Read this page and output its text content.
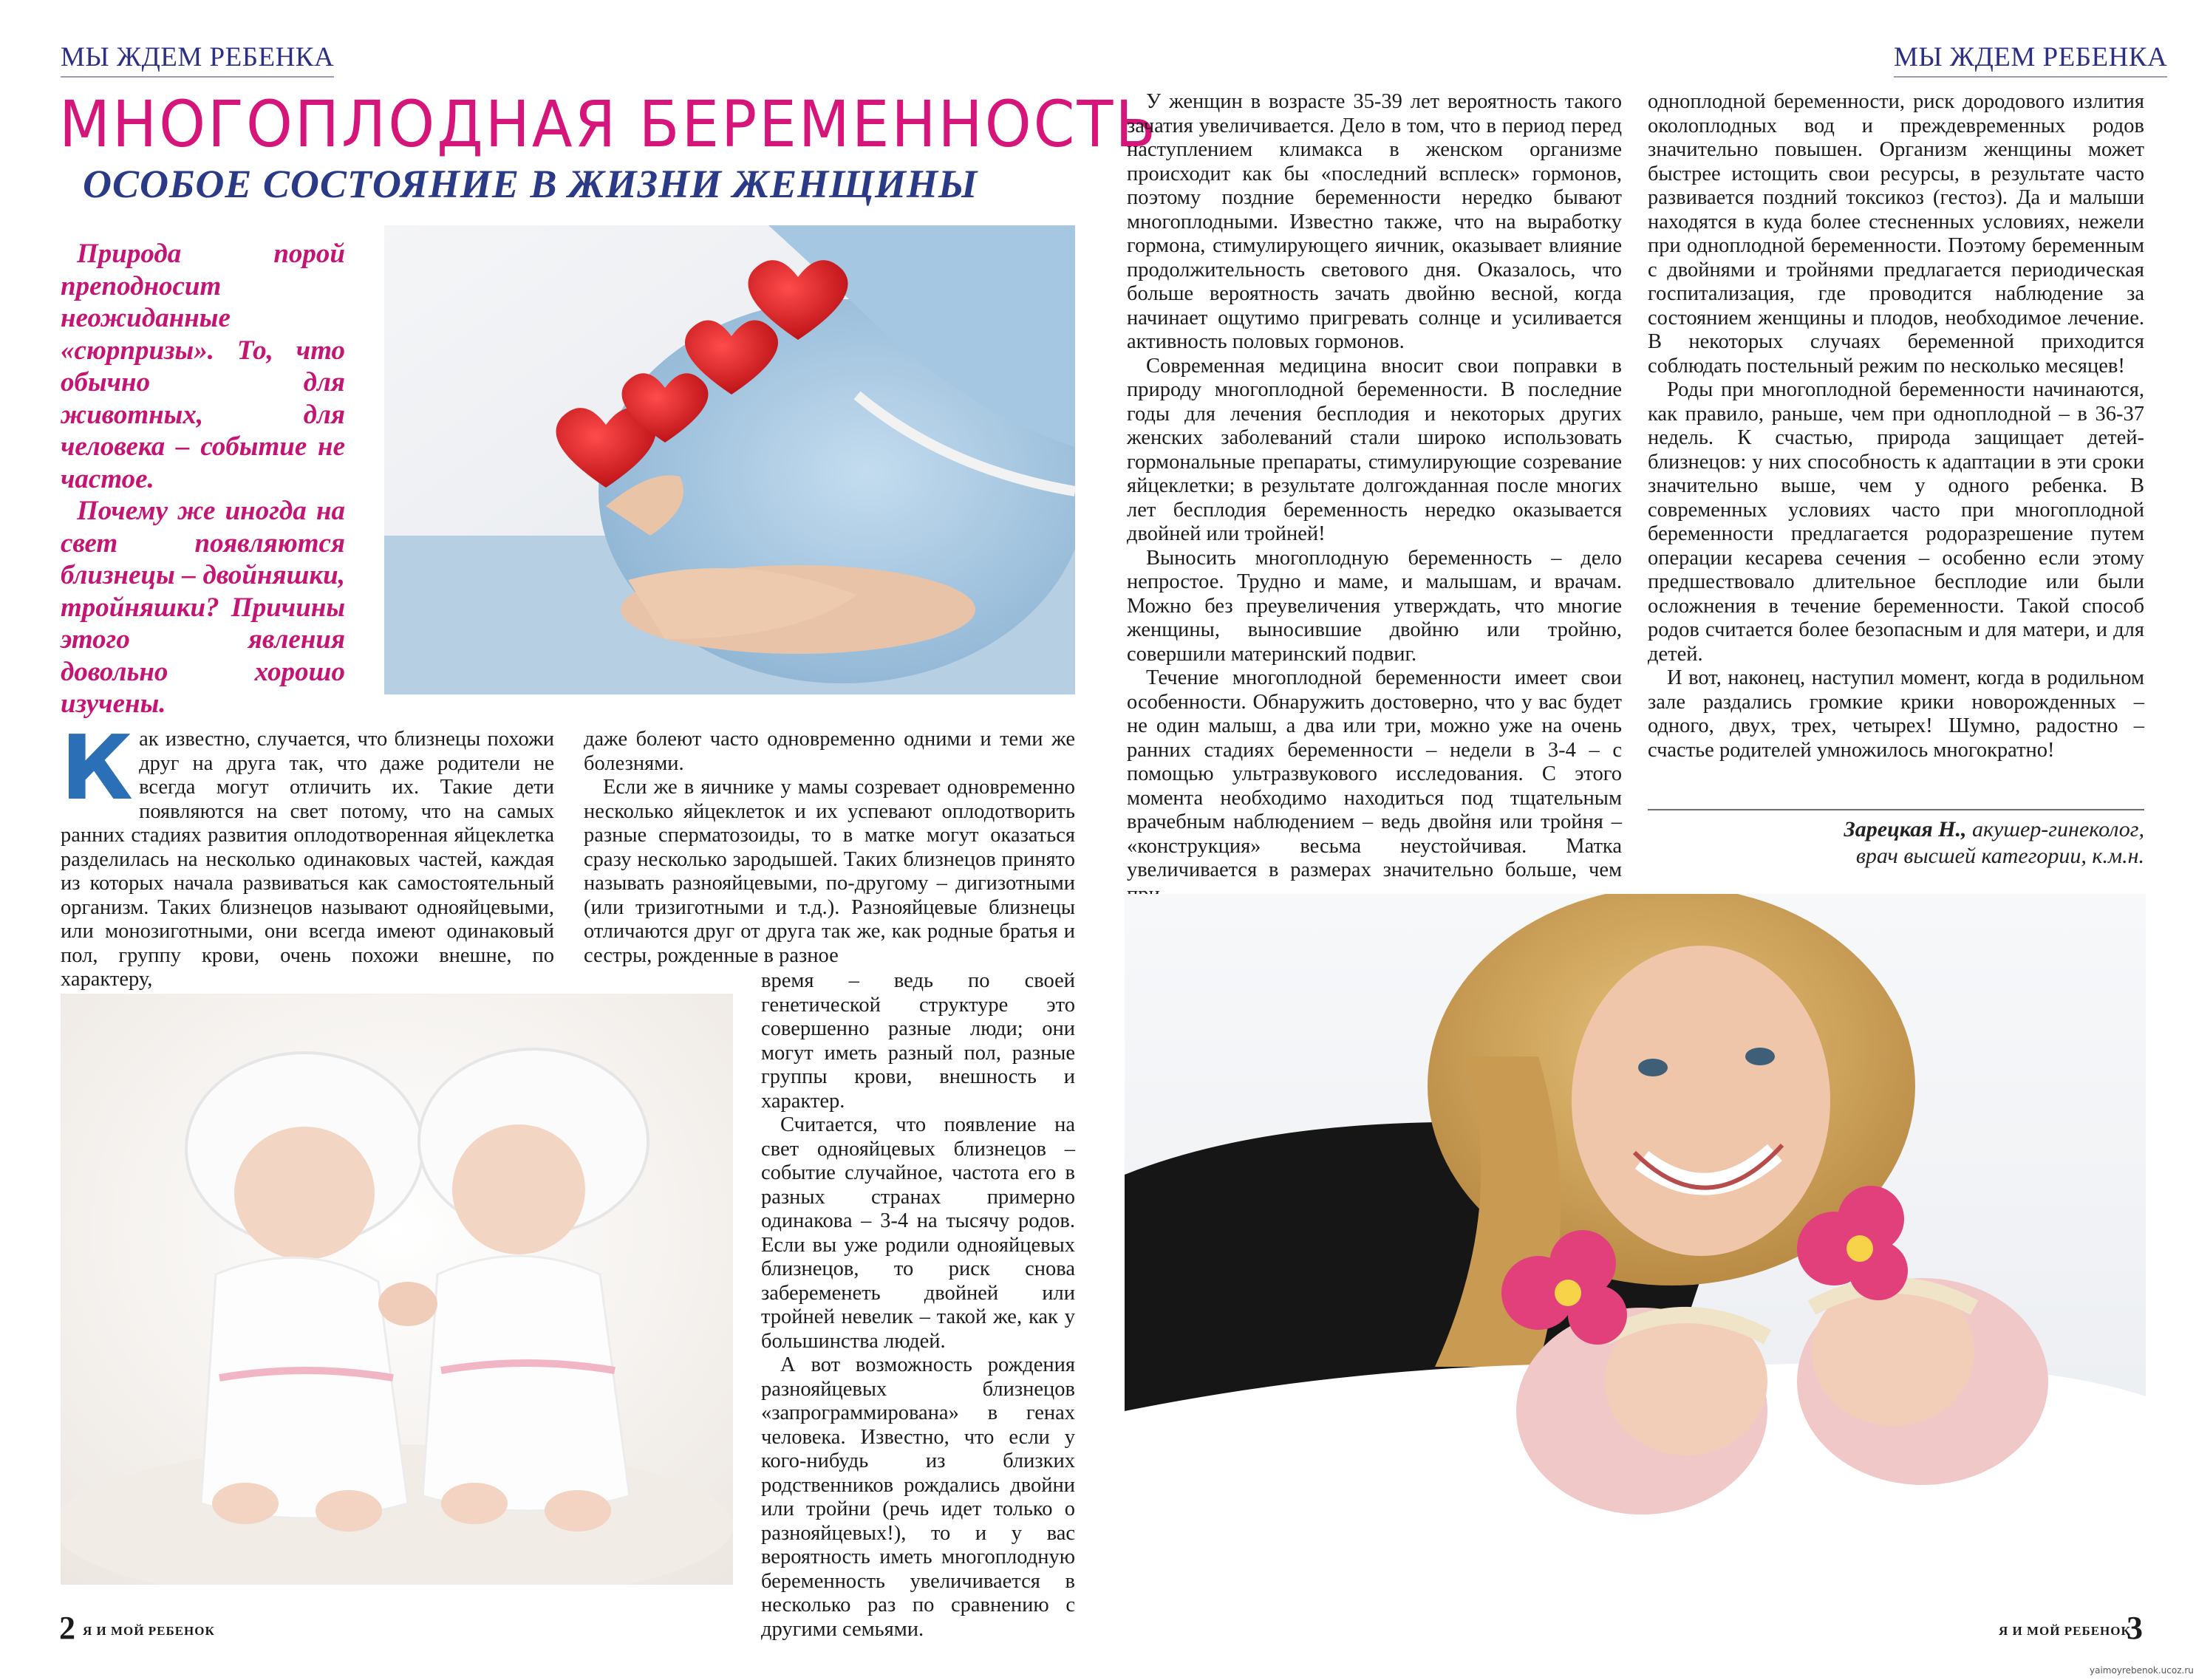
МЫ ЖДЕМ РЕБЕНКА
МНОГОПЛОДНАЯ БЕРЕМЕННОСТЬ
ОСОБОЕ СОСТОЯНИЕ В ЖИЗНИ ЖЕНЩИНЫ

Природа порой преподносит неожиданные «сюрпризы». То, что обычно для животных, для человека – событие не частое.

Почему же иногда на свет появляются близнецы – двойняшки, тройняшки? Причины этого явления довольно хорошо изучены.

К ак известно, случается, что близнецы похожи друг на друга так, что даже родители не всегда могут отличить их. Такие дети появляются на свет потому, что на самых ранних стадиях развития оплодотворенная яйцеклетка разделилась на несколько одинаковых частей, каждая из которых начала развиваться как самостоятельный организм. Таких близнецов называют однояйцевыми, или монозиготными, они всегда имеют одинаковый пол, группу крови, очень похожи внешне, по характеру,

даже болеют часто одновременно одними и теми же болезнями.

Если же в яичнике у мамы созревает одновременно несколько яйцеклеток и их успевают оплодотворить разные сперматозоиды, то в матке могут оказаться сразу несколько зародышей. Таких близнецов принято называть разнояйцевыми, по-другому – дигизотными (или тризиготными и т.д.). Разнояйцевые близнецы отличаются друг от друга так же, как родные братья и сестры, рожденные в разное

время – ведь по своей генетической структуре это совершенно разные люди; они могут иметь разный пол, разные группы крови, внешность и характер.

Считается, что появление на свет однояйцевых близнецов – событие случайное, частота его в разных странах примерно одинакова – 3-4 на тысячу родов. Если вы уже родили однояйцевых близнецов, то риск снова забеременеть двойней или тройней невелик – такой же, как у большинства людей.

А вот возможность рождения разнояйцевых близнецов «запрограммирована» в генах человека. Известно, что если у кого-нибудь из близких родственников рождались двойни или тройни (речь идет только о разнояйцевых!), то и у вас вероятность иметь многоплодную беременность увеличивается в несколько раз по сравнению с другими семьями.

2 Я И МОЙ РЕБЕНОК
МЫ ЖДЕМ РЕБЕНКА

У женщин в возрасте 35-39 лет вероятность такого зачатия увеличивается. Дело в том, что в период перед наступлением климакса в женском организме происходит как бы «последний всплеск» гормонов, поэтому поздние беременности нередко бывают многоплодными. Известно также, что на выработку гормона, стимулирующего яичник, оказывает влияние продолжительность светового дня. Оказалось, что больше вероятность зачать двойню весной, когда начинает ощутимо пригревать солнце и усиливается активность половых гормонов.

Современная медицина вносит свои поправки в природу многоплодной беременности. В последние годы для лечения бесплодия и некоторых других женских заболеваний стали широко использовать гормональные препараты, стимулирующие созревание яйцеклетки; в результате долгожданная после многих лет бесплодия беременность нередко оказывается двойней или тройней!

Выносить многоплодную беременность – дело непростое. Трудно и маме, и малышам, и врачам. Можно без преувеличения утверждать, что многие женщины, выносившие двойню или тройню, совершили материнский подвиг.

Течение многоплодной беременности имеет свои особенности. Обнаружить достоверно, что у вас будет не один малыш, а два или три, можно уже на очень ранних стадиях беременности – недели в 3-4 – с помощью ультразвукового исследования. С этого момента необходимо находиться под тщательным врачебным наблюдением – ведь двойня или тройня – «конструкция» весьма неустойчивая. Матка увеличивается в размерах значительно больше, чем

одноплодной беременности, риск дородового излития околоплодных вод и преждевременных родов значительно повышен. Организм женщины может быстрее истощить свои ресурсы, в результате часто развивается поздний токсикоз (гестоз). Да и малыши находятся в куда более стесненных условиях, нежели при одноплодной беременности. Поэтому беременным с двойнями и тройнями предлагается периодическая госпитализация, где проводится наблюдение за состоянием женщины и плодов, необходимое лечение. В некоторых случаях беременной приходится соблюдать постельный режим по несколько месяцев!

Роды при многоплодной беременности начинаются, как правило, раньше, чем при одноплодной – в 36-37 недель. К счастью, природа защищает детей-близнецов: у них способность к адаптации в эти сроки значительно выше, чем у одного ребенка. В современных условиях часто при многоплодной беременности предлагается родоразрешение путем операции кесарева сечения – особенно если этому предшествовало длительное бесплодие или были осложнения в течение беременности. Такой способ родов считается более безопасным и для матери, и для детей.

И вот, наконец, наступил момент, когда в родильном зале раздались громкие крики новорожденных – одного, двух, трех, четырех! Шумно, радостно – счастье родителей умножилось многократно!

Зарецкая Н., акушер-гинеколог,
врач высшей категории, к.м.н.
Я И МОЙ РЕБЕНОК
3
yaimoyrebenok.ucoz.ru
